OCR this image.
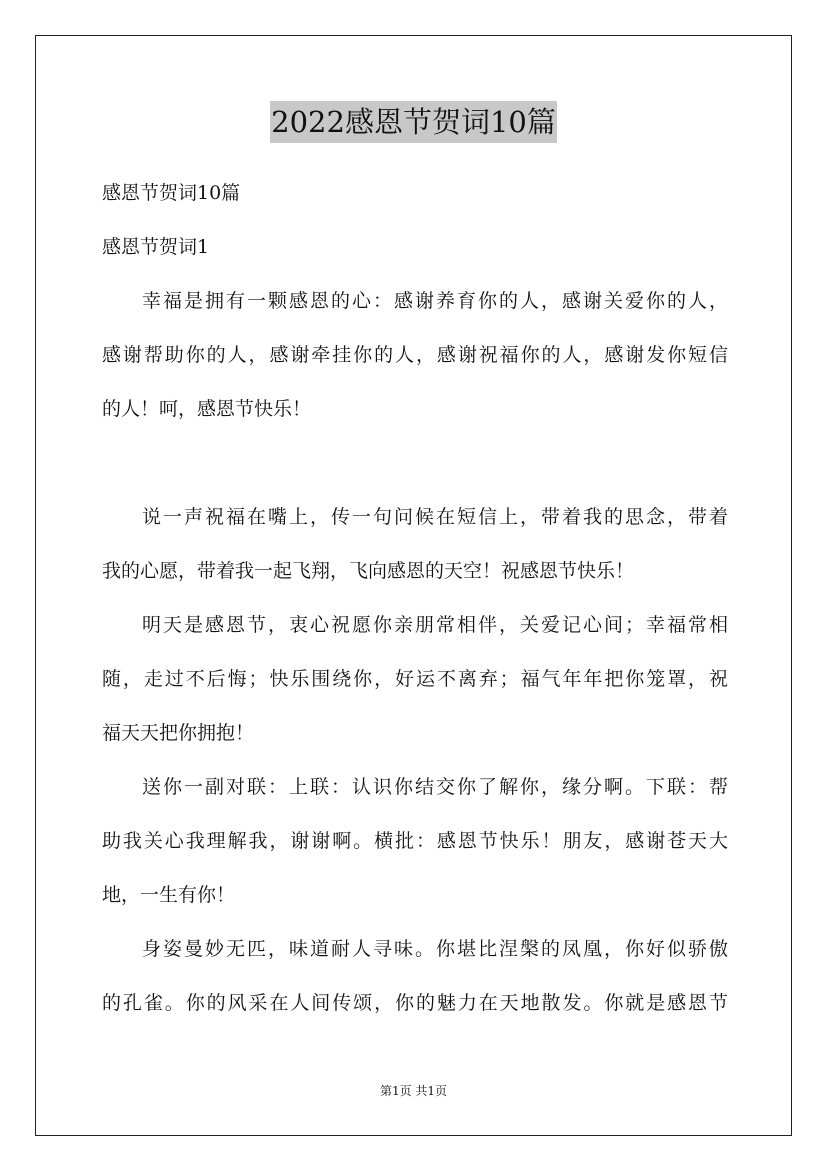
2022感恩节贺词10篇
感恩节贺词10篇
感恩节贺词1
幸福是拥有一颗感恩的心：感谢养育你的人，感谢关爱你的人，
感谢帮助你的人，感谢牵挂你的人，感谢祝福你的人，感谢发你短信
的人！呵，感恩节快乐！
说一声祝福在嘴上，传一句问候在短信上，带着我的思念，带着
我的心愿，带着我一起飞翔，飞向感恩的天空！祝感恩节快乐！
明天是感恩节，衷心祝愿你亲朋常相伴，关爱记心间；幸福常相
随，走过不后悔；快乐围绕你，好运不离弃；福气年年把你笼罩，祝
福天天把你拥抱！
送你一副对联：上联：认识你结交你了解你，缘分啊。下联：帮
助我关心我理解我，谢谢啊。横批：感恩节快乐！朋友，感谢苍天大
地，一生有你！
身姿曼妙无匹，味道耐人寻味。你堪比涅槃的凤凰，你好似骄傲
的孔雀。你的风采在人间传颂，你的魅力在天地散发。你就是感恩节
第1页 共1页
